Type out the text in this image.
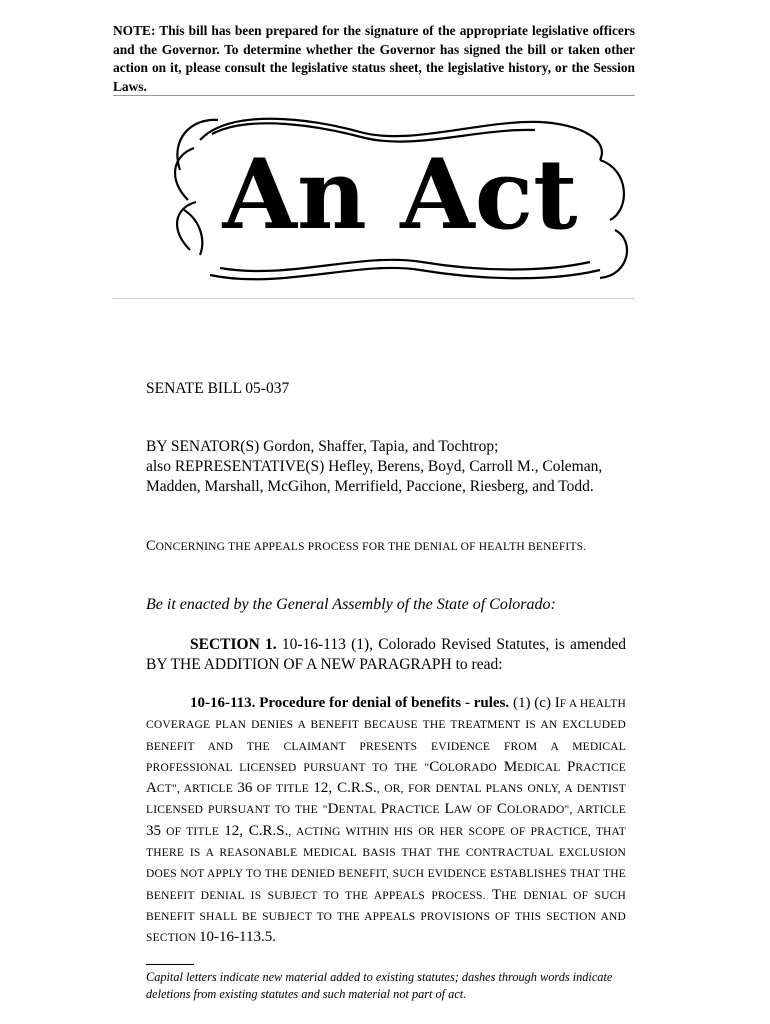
NOTE: This bill has been prepared for the signature of the appropriate legislative officers and the Governor. To determine whether the Governor has signed the bill or taken other action on it, please consult the legislative status sheet, the legislative history, or the Session Laws.
An Act
SENATE BILL 05-037
BY SENATOR(S) Gordon, Shaffer, Tapia, and Tochtrop;
also REPRESENTATIVE(S) Hefley, Berens, Boyd, Carroll M., Coleman, Madden, Marshall, McGihon, Merrifield, Paccione, Riesberg, and Todd.
CONCERNING THE APPEALS PROCESS FOR THE DENIAL OF HEALTH BENEFITS.
Be it enacted by the General Assembly of the State of Colorado:
SECTION 1. 10-16-113 (1), Colorado Revised Statutes, is amended BY THE ADDITION OF A NEW PARAGRAPH to read:
10-16-113. Procedure for denial of benefits - rules. (1) (c) IF A HEALTH COVERAGE PLAN DENIES A BENEFIT BECAUSE THE TREATMENT IS AN EXCLUDED BENEFIT AND THE CLAIMANT PRESENTS EVIDENCE FROM A MEDICAL PROFESSIONAL LICENSED PURSUANT TO THE "COLORADO MEDICAL PRACTICE ACT", ARTICLE 36 OF TITLE 12, C.R.S., OR, FOR DENTAL PLANS ONLY, A DENTIST LICENSED PURSUANT TO THE "DENTAL PRACTICE LAW OF COLORADO", ARTICLE 35 OF TITLE 12, C.R.S., ACTING WITHIN HIS OR HER SCOPE OF PRACTICE, THAT THERE IS A REASONABLE MEDICAL BASIS THAT THE CONTRACTUAL EXCLUSION DOES NOT APPLY TO THE DENIED BENEFIT, SUCH EVIDENCE ESTABLISHES THAT THE BENEFIT DENIAL IS SUBJECT TO THE APPEALS PROCESS. THE DENIAL OF SUCH BENEFIT SHALL BE SUBJECT TO THE APPEALS PROVISIONS OF THIS SECTION AND SECTION 10-16-113.5.
Capital letters indicate new material added to existing statutes; dashes through words indicate deletions from existing statutes and such material not part of act.
